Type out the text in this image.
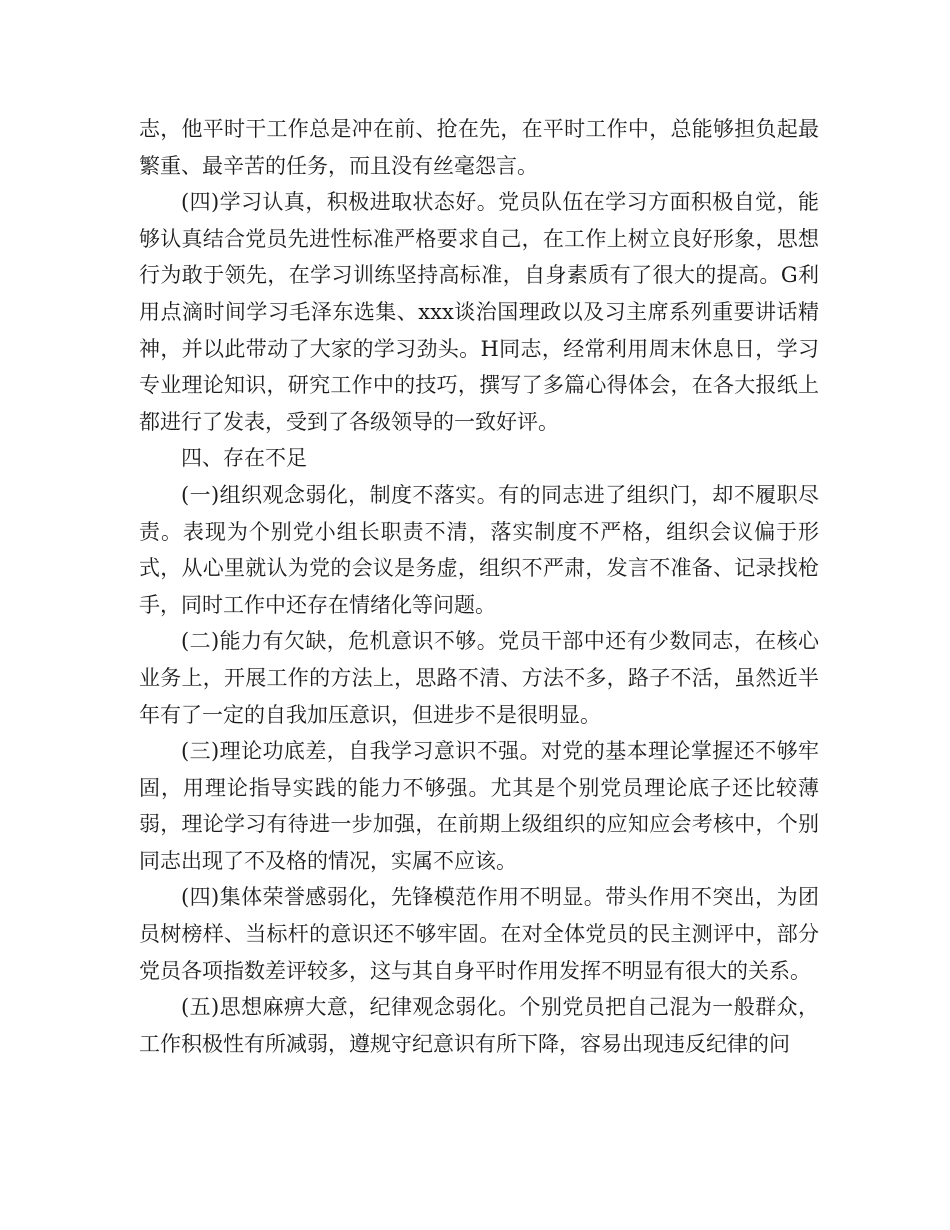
志，他平时干工作总是冲在前、抢在先，在平时工作中，总能够担负起最繁重、最辛苦的任务，而且没有丝毫怨言。

(四)学习认真，积极进取状态好。党员队伍在学习方面积极自觉，能够认真结合党员先进性标准严格要求自己，在工作上树立良好形象，思想行为敢于领先，在学习训练坚持高标准，自身素质有了很大的提高。G利用点滴时间学习毛泽东选集、xxx谈治国理政以及习主席系列重要讲话精神，并以此带动了大家的学习劲头。H同志，经常利用周末休息日，学习专业理论知识，研究工作中的技巧，撰写了多篇心得体会，在各大报纸上都进行了发表，受到了各级领导的一致好评。

四、存在不足

(一)组织观念弱化，制度不落实。有的同志进了组织门，却不履职尽责。表现为个别党小组长职责不清，落实制度不严格，组织会议偏于形式，从心里就认为党的会议是务虚，组织不严肃，发言不准备、记录找枪手，同时工作中还存在情绪化等问题。

(二)能力有欠缺，危机意识不够。党员干部中还有少数同志，在核心业务上，开展工作的方法上，思路不清、方法不多，路子不活，虽然近半年有了一定的自我加压意识，但进步不是很明显。

(三)理论功底差，自我学习意识不强。对党的基本理论掌握还不够牢固，用理论指导实践的能力不够强。尤其是个别党员理论底子还比较薄弱，理论学习有待进一步加强，在前期上级组织的应知应会考核中，个别同志出现了不及格的情况，实属不应该。

(四)集体荣誉感弱化，先锋模范作用不明显。带头作用不突出，为团员树榜样、当标杆的意识还不够牢固。在对全体党员的民主测评中，部分党员各项指数差评较多，这与其自身平时作用发挥不明显有很大的关系。

(五)思想麻痹大意，纪律观念弱化。个别党员把自己混为一般群众，工作积极性有所减弱，遵规守纪意识有所下降，容易出现违反纪律的问
